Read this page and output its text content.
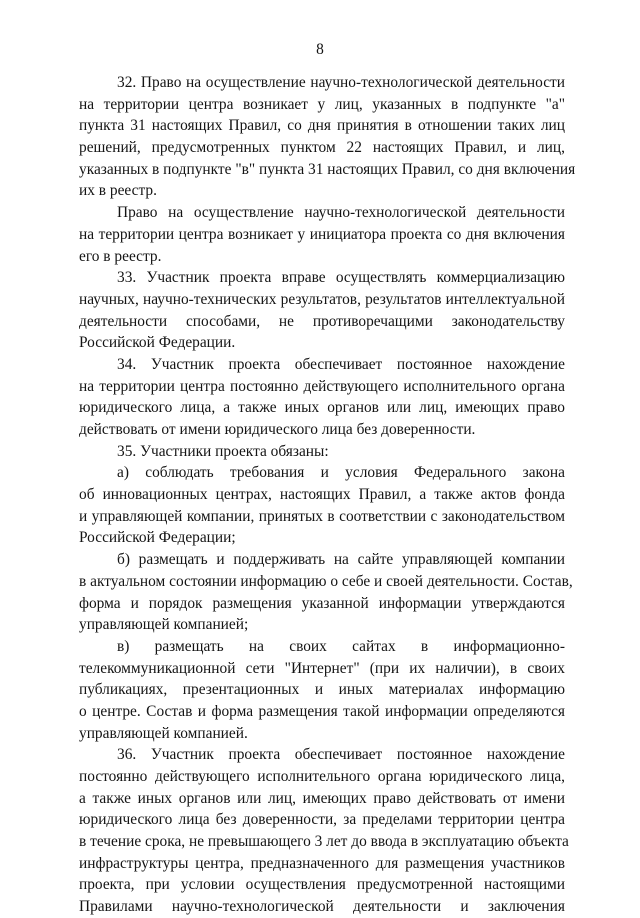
8
32. Право на осуществление научно-технологической деятельности
на территории центра возникает у лиц, указанных в подпункте "а"
пункта 31 настоящих Правил, со дня принятия в отношении таких лиц
решений, предусмотренных пунктом 22 настоящих Правил, и лиц,
указанных в подпункте "в" пункта 31 настоящих Правил, со дня включения
их в реестр.
Право на осуществление научно-технологической деятельности
на территории центра возникает у инициатора проекта со дня включения
его в реестр.
33. Участник проекта вправе осуществлять коммерциализацию
научных, научно-технических результатов, результатов интеллектуальной
деятельности способами, не противоречащими законодательству
Российской Федерации.
34. Участник проекта обеспечивает постоянное нахождение
на территории центра постоянно действующего исполнительного органа
юридического лица, а также иных органов или лиц, имеющих право
действовать от имени юридического лица без доверенности.
35. Участники проекта обязаны:
а) соблюдать требования и условия Федерального закона
об инновационных центрах, настоящих Правил, а также актов фонда
и управляющей компании, принятых в соответствии с законодательством
Российской Федерации;
б) размещать и поддерживать на сайте управляющей компании
в актуальном состоянии информацию о себе и своей деятельности. Состав,
форма и порядок размещения указанной информации утверждаются
управляющей компанией;
в) размещать на своих сайтах в информационно-
телекоммуникационной сети "Интернет" (при их наличии), в своих
публикациях, презентационных и иных материалах информацию
о центре. Состав и форма размещения такой информации определяются
управляющей компанией.
36. Участник проекта обеспечивает постоянное нахождение
постоянно действующего исполнительного органа юридического лица,
а также иных органов или лиц, имеющих право действовать от имени
юридического лица без доверенности, за пределами территории центра
в течение срока, не превышающего 3 лет до ввода в эксплуатацию объекта
инфраструктуры центра, предназначенного для размещения участников
проекта, при условии осуществления предусмотренной настоящими
Правилами научно-технологической деятельности и заключения
